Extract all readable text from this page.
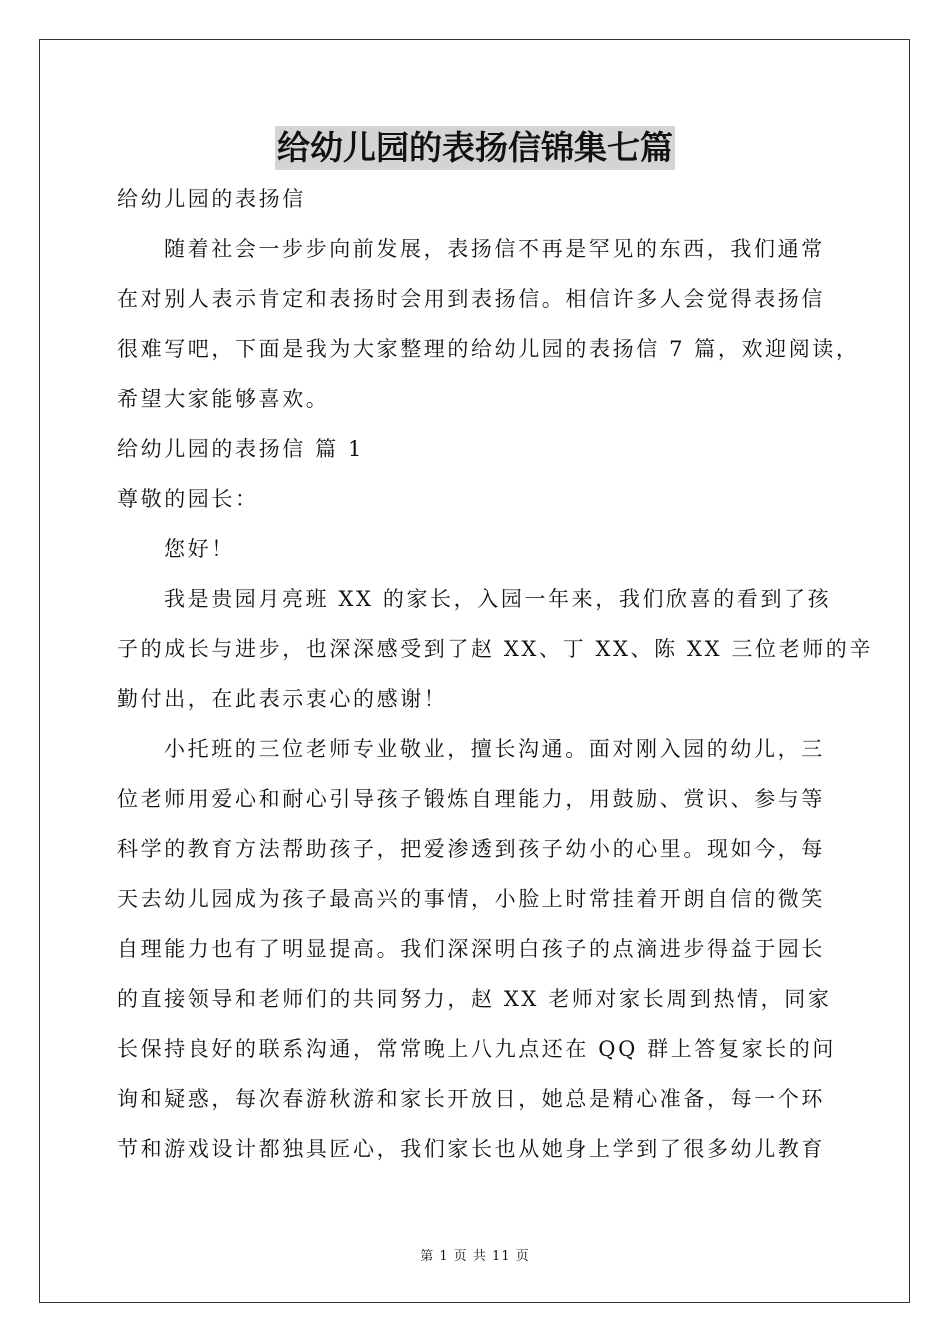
给幼儿园的表扬信锦集七篇
给幼儿园的表扬信
随着社会一步步向前发展，表扬信不再是罕见的东西，我们通常
在对别人表示肯定和表扬时会用到表扬信。相信许多人会觉得表扬信
很难写吧，下面是我为大家整理的给幼儿园的表扬信 7 篇，欢迎阅读，
希望大家能够喜欢。
给幼儿园的表扬信 篇 1
尊敬的园长：
您好！
我是贵园月亮班 XX 的家长，入园一年来，我们欣喜的看到了孩
子的成长与进步，也深深感受到了赵 XX、丁 XX、陈 XX 三位老师的辛
勤付出，在此表示衷心的感谢！
小托班的三位老师专业敬业，擅长沟通。面对刚入园的幼儿，三
位老师用爱心和耐心引导孩子锻炼自理能力，用鼓励、赏识、参与等
科学的教育方法帮助孩子，把爱渗透到孩子幼小的心里。现如今，每
天去幼儿园成为孩子最高兴的事情，小脸上时常挂着开朗自信的微笑
自理能力也有了明显提高。我们深深明白孩子的点滴进步得益于园长
的直接领导和老师们的共同努力，赵 XX 老师对家长周到热情，同家
长保持良好的联系沟通，常常晚上八九点还在 QQ 群上答复家长的问
询和疑惑，每次春游秋游和家长开放日，她总是精心准备，每一个环
节和游戏设计都独具匠心，我们家长也从她身上学到了很多幼儿教育
第 1 页 共 11 页
